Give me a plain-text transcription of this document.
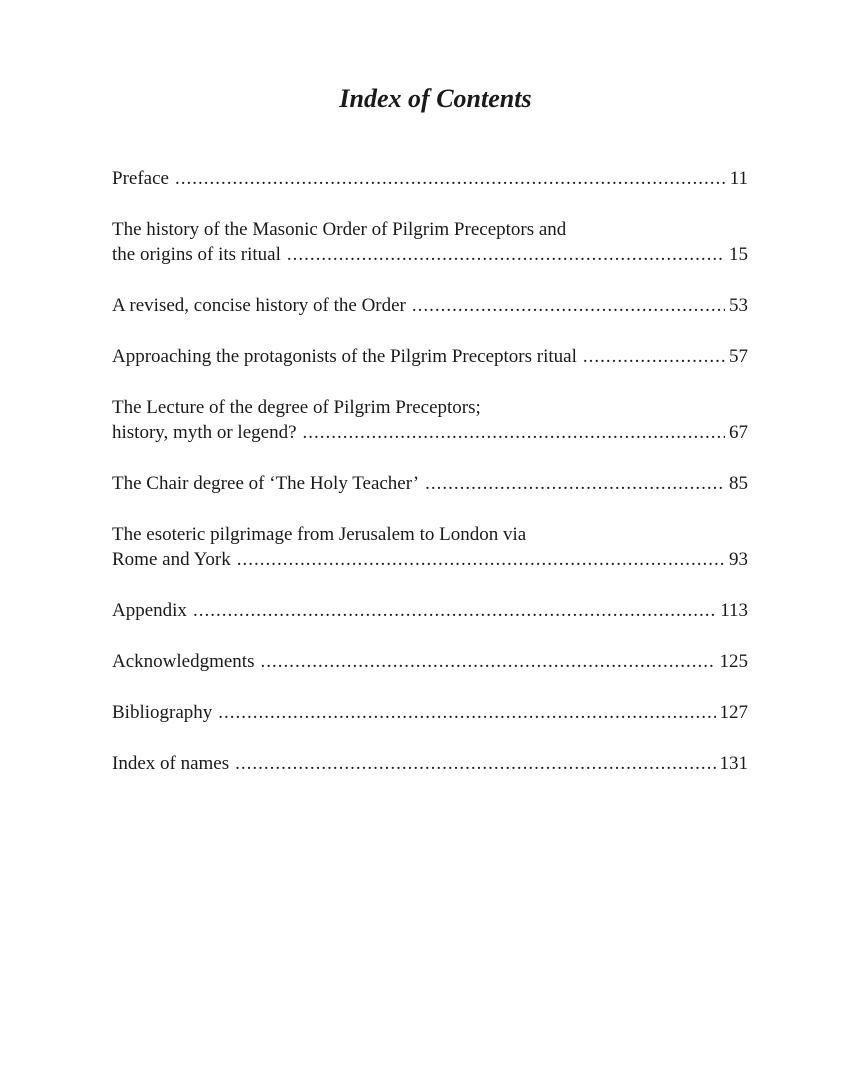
Index of Contents
Preface .....	11
The history of the Masonic Order of Pilgrim Preceptors and
the origins of its ritual .....	15
A revised, concise history of the Order .....	53
Approaching the protagonists of the Pilgrim Preceptors ritual .....	57
The Lecture of the degree of Pilgrim Preceptors;
history, myth or legend? .....	67
The Chair degree of ‘The Holy Teacher’ .....	85
The esoteric pilgrimage from Jerusalem to London via
Rome and York .....	93
Appendix .....	113
Acknowledgments .....	125
Bibliography .....	127
Index of names .....	131
